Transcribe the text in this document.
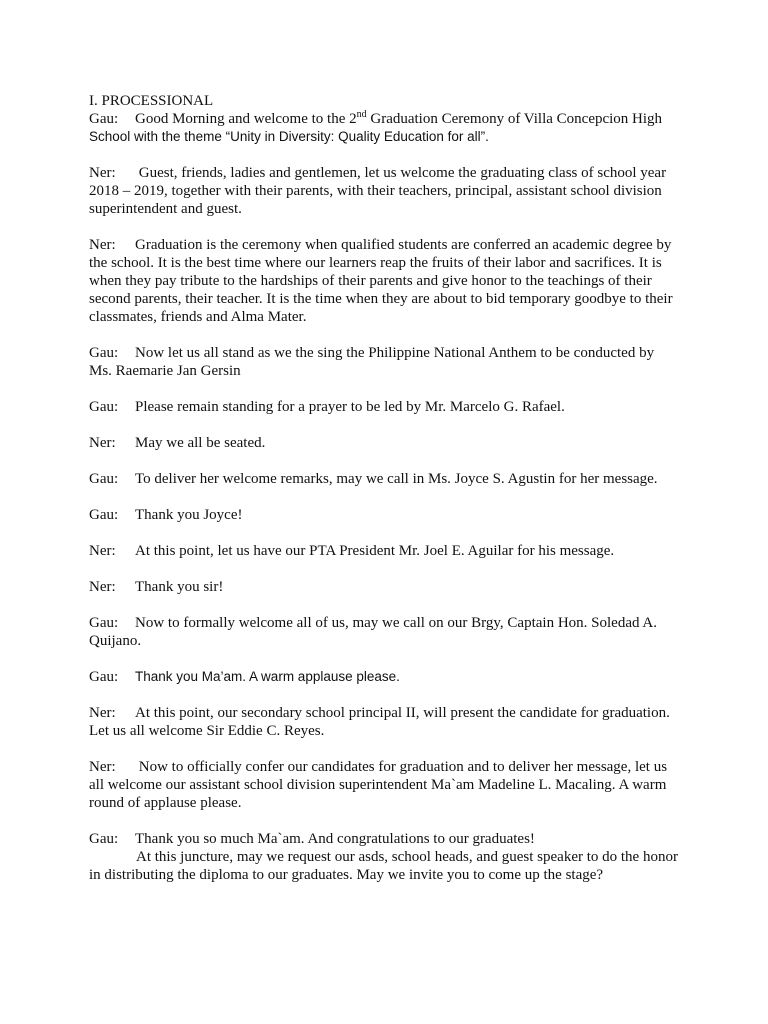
I. PROCESSIONAL

Gau: Good Morning and welcome to the 2nd Graduation Ceremony of Villa Concepcion High
School with the theme “Unity in Diversity: Quality Education for all”.

Ner: Guest, friends, ladies and gentlemen, let us welcome the graduating class of school year 2018 – 2019, together with their parents, with their teachers, principal, assistant school division superintendent and guest.

Ner: Graduation is the ceremony when qualified students are conferred an academic degree by the school. It is the best time where our learners reap the fruits of their labor and sacrifices. It is when they pay tribute to the hardships of their parents and give honor to the teachings of their second parents, their teacher. It is the time when they are about to bid temporary goodbye to their classmates, friends and Alma Mater.

Gau: Now let us all stand as we the sing the Philippine National Anthem to be conducted by Ms. Raemarie Jan Gersin

Gau: Please remain standing for a prayer to be led by Mr. Marcelo G. Rafael.

Ner: May we all be seated.

Gau: To deliver her welcome remarks, may we call in Ms. Joyce S. Agustin for her message.

Gau: Thank you Joyce!

Ner: At this point, let us have our PTA President Mr. Joel E. Aguilar for his message.

Ner: Thank you sir!

Gau: Now to formally welcome all of us, may we call on our Brgy, Captain Hon. Soledad A. Quijano.

Gau: Thank you Ma’am. A warm applause please.

Ner: At this point, our secondary school principal II, will present the candidate for graduation. Let us all welcome Sir Eddie C. Reyes.

Ner: Now to officially confer our candidates for graduation and to deliver her message, let us all welcome our assistant school division superintendent Ma`am Madeline L. Macaling. A warm round of applause please.

Gau: Thank you so much Ma`am. And congratulations to our graduates!
At this juncture, may we request our asds, school heads, and guest speaker to do the honor in distributing the diploma to our graduates. May we invite you to come up the stage?
